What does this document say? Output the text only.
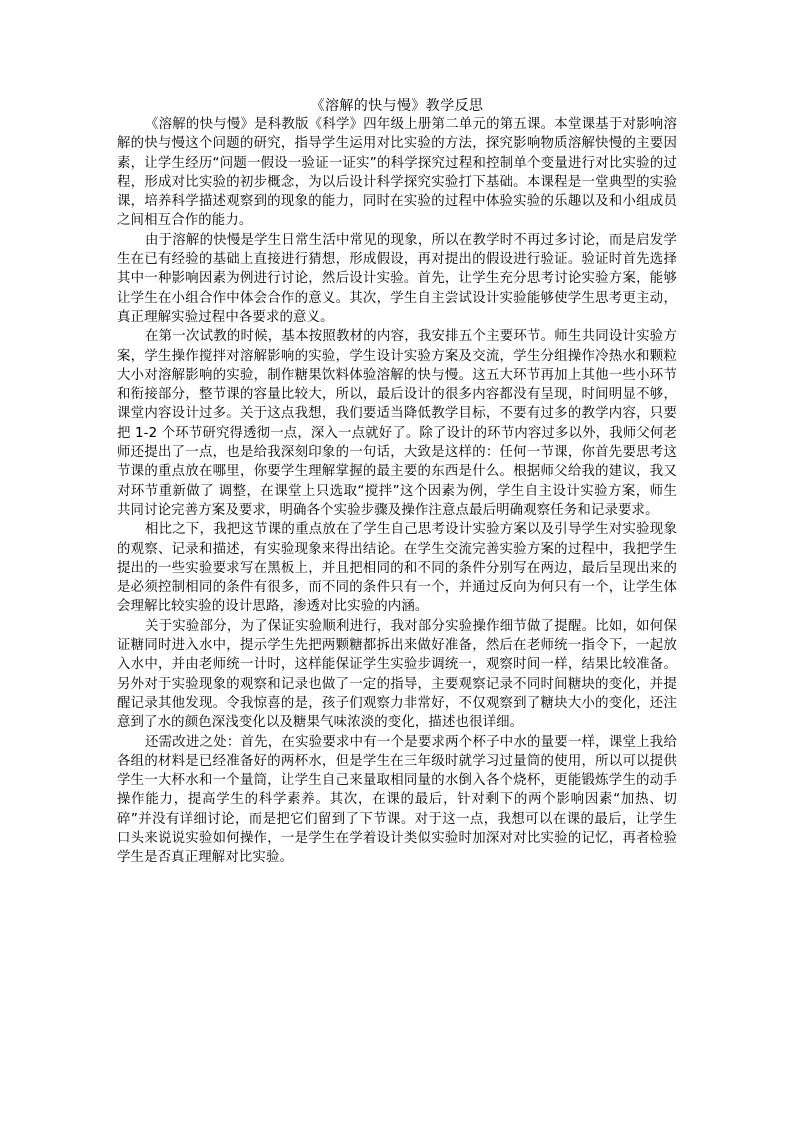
《溶解的快与慢》教学反思

《溶解的快与慢》是科教版《科学》四年级上册第二单元的第五课。本堂课基于对影响溶解的快与慢这个问题的研究，指导学生运用对比实验的方法，探究影响物质溶解快慢的主要因素，让学生经历“问题一假设一验证一证实”的科学探究过程和控制单个变量进行对比实验的过程，形成对比实验的初步概念，为以后设计科学探究实验打下基础。本课程是一堂典型的实验课，培养科学描述观察到的现象的能力，同时在实验的过程中体验实验的乐趣以及和小组成员之间相互合作的能力。

由于溶解的快慢是学生日常生活中常见的现象，所以在教学时不再过多讨论，而是启发学生在已有经验的基础上直接进行猜想，形成假设，再对提出的假设进行验证。验证时首先选择其中一种影响因素为例进行讨论，然后设计实验。首先，让学生充分思考讨论实验方案，能够让学生在小组合作中体会合作的意义。其次，学生自主尝试设计实验能够使学生思考更主动，真正理解实验过程中各要求的意义。

在第一次试教的时候，基本按照教材的内容，我安排五个主要环节。师生共同设计实验方案，学生操作搅拌对溶解影响的实验，学生设计实验方案及交流，学生分组操作冷热水和颗粒大小对溶解影响的实验，制作糖果饮料体验溶解的快与慢。这五大环节再加上其他一些小环节和衔接部分，整节课的容量比较大，所以，最后设计的很多内容都没有呈现，时间明显不够，课堂内容设计过多。关于这点我想，我们要适当降低教学目标，不要有过多的教学内容，只要把 1-2 个环节研究得透彻一点，深入一点就好了。除了设计的环节内容过多以外，我师父何老师还提出了一点，也是给我深刻印象的一句话，大致是这样的：任何一节课，你首先要思考这节课的重点放在哪里，你要学生理解掌握的最主要的东西是什么。根据师父给我的建议，我又对环节重新做了 调整，在课堂上只选取“搅拌”这个因素为例，学生自主设计实验方案，师生共同讨论完善方案及要求，明确各个实验步骤及操作注意点最后明确观察任务和记录要求。

相比之下，我把这节课的重点放在了学生自己思考设计实验方案以及引导学生对实验现象的观察、记录和描述，有实验现象来得出结论。在学生交流完善实验方案的过程中，我把学生提出的一些实验要求写在黑板上，并且把相同的和不同的条件分别写在两边，最后呈现出来的是必须控制相同的条件有很多，而不同的条件只有一个，并通过反向为何只有一个，让学生体会理解比较实验的设计思路，渗透对比实验的内涵。

关于实验部分，为了保证实验顺利进行，我对部分实验操作细节做了提醒。比如，如何保证糖同时进入水中，提示学生先把两颗糖都拆出来做好准备，然后在老师统一指令下，一起放入水中，并由老师统一计时，这样能保证学生实验步调统一，观察时间一样，结果比较准备。另外对于实验现象的观察和记录也做了一定的指导，主要观察记录不同时间糖块的变化，并提醒记录其他发现。令我惊喜的是，孩子们观察力非常好，不仅观察到了糖块大小的变化，还注意到了水的颜色深浅变化以及糖果气味浓淡的变化，描述也很详细。

还需改进之处：首先，在实验要求中有一个是要求两个杯子中水的量要一样，课堂上我给各组的材料是已经准备好的两杯水，但是学生在三年级时就学习过量筒的使用，所以可以提供学生一大杯水和一个量筒，让学生自己来量取相同量的水倒入各个烧杯，更能锻炼学生的动手操作能力，提高学生的科学素养。其次，在课的最后，针对剩下的两个影响因素“加热、切碎”并没有详细讨论，而是把它们留到了下节课。对于这一点，我想可以在课的最后，让学生口头来说说实验如何操作，一是学生在学着设计类似实验时加深对对比实验的记忆，再者检验学生是否真正理解对比实验。
